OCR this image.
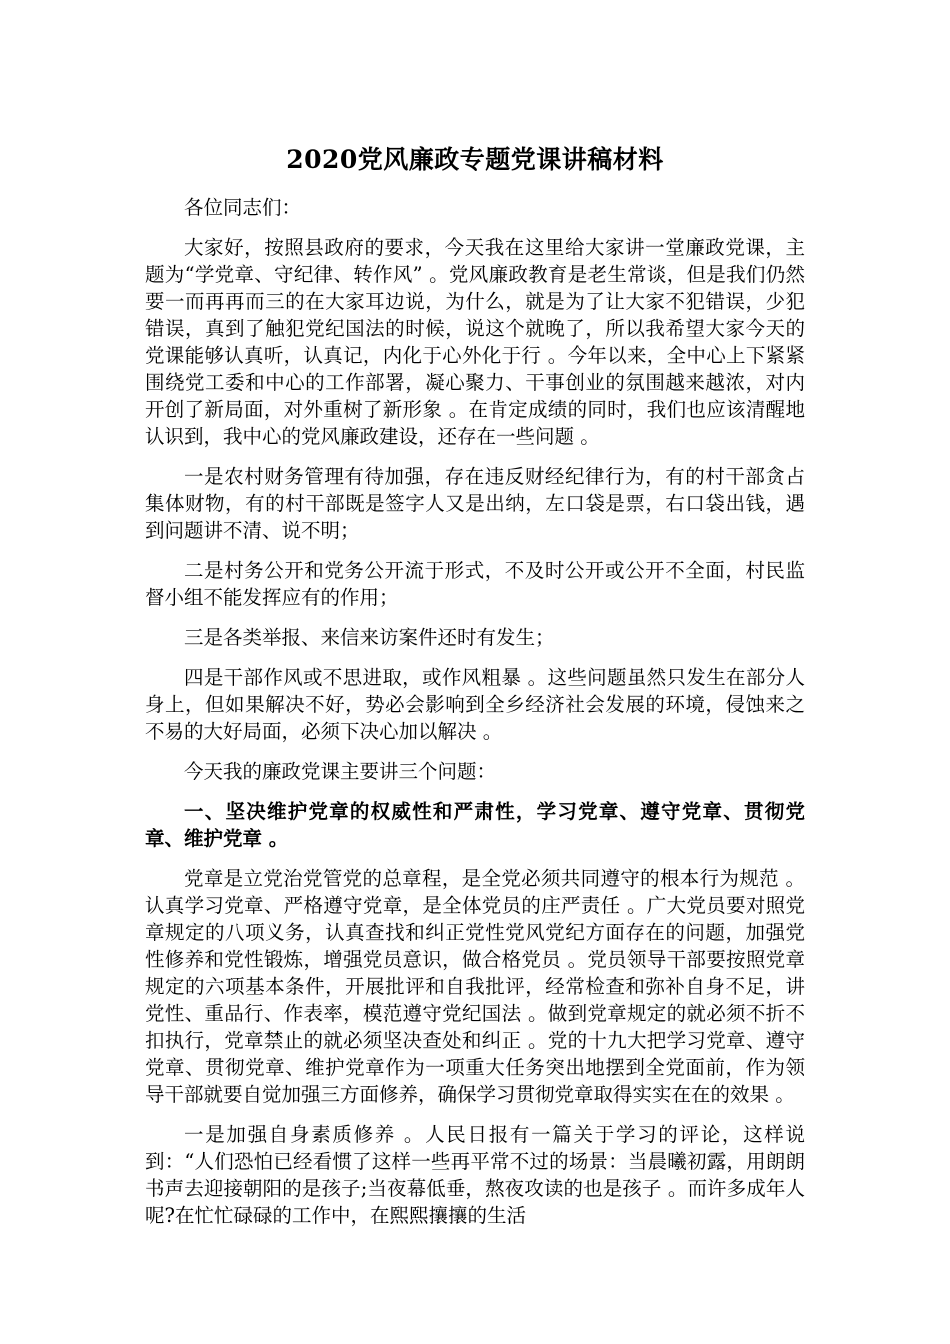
2020党风廉政专题党课讲稿材料

各位同志们：

大家好，按照县政府的要求，今天我在这里给大家讲一堂廉政党课，主题为“学党章、守纪律、转作风” 。党风廉政教育是老生常谈，但是我们仍然要一而再再而三的在大家耳边说，为什么，就是为了让大家不犯错误，少犯错误，真到了触犯党纪国法的时候，说这个就晚了，所以我希望大家今天的党课能够认真听，认真记，内化于心外化于行 。今年以来，全中心上下紧紧围绕党工委和中心的工作部署，凝心聚力、干事创业的氛围越来越浓，对内开创了新局面，对外重树了新形象 。在肯定成绩的同时，我们也应该清醒地认识到，我中心的党风廉政建设，还存在一些问题 。

一是农村财务管理有待加强，存在违反财经纪律行为，有的村干部贪占集体财物，有的村干部既是签字人又是出纳，左口袋是票，右口袋出钱，遇到问题讲不清、说不明；

二是村务公开和党务公开流于形式，不及时公开或公开不全面，村民监督小组不能发挥应有的作用；

三是各类举报、来信来访案件还时有发生；

四是干部作风或不思进取，或作风粗暴 。这些问题虽然只发生在部分人身上，但如果解决不好，势必会影响到全乡经济社会发展的环境，侵蚀来之不易的大好局面，必须下决心加以解决 。

今天我的廉政党课主要讲三个问题：

一、坚决维护党章的权威性和严肃性，学习党章、遵守党章、贯彻党章、维护党章 。

党章是立党治党管党的总章程，是全党必须共同遵守的根本行为规范 。认真学习党章、严格遵守党章，是全体党员的庄严责任 。广大党员要对照党章规定的八项义务，认真查找和纠正党性党风党纪方面存在的问题，加强党性修养和党性锻炼，增强党员意识，做合格党员 。党员领导干部要按照党章规定的六项基本条件，开展批评和自我批评，经常检查和弥补自身不足，讲党性、重品行、作表率，模范遵守党纪国法 。做到党章规定的就必须不折不扣执行，党章禁止的就必须坚决查处和纠正 。党的十九大把学习党章、遵守党章、贯彻党章、维护党章作为一项重大任务突出地摆到全党面前，作为领导干部就要自觉加强三方面修养，确保学习贯彻党章取得实实在在的效果 。

一是加强自身素质修养 。人民日报有一篇关于学习的评论，这样说到：“人们恐怕已经看惯了这样一些再平常不过的场景：当晨曦初露，用朗朗书声去迎接朝阳的是孩子;当夜幕低垂，熬夜攻读的也是孩子 。而许多成年人呢?在忙忙碌碌的工作中，在熙熙攘攘的生活
